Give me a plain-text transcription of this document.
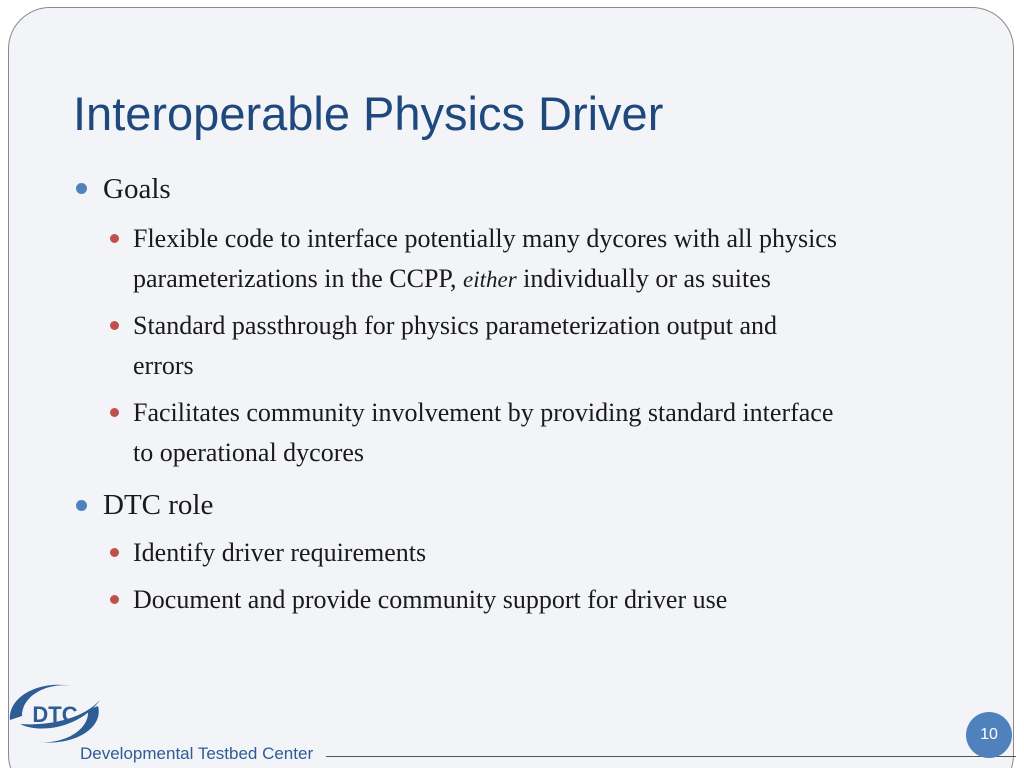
Interoperable Physics Driver
Goals
Flexible code to interface potentially many dycores with all physics
parameterizations in the CCPP, either individually or as suites
Standard passthrough for physics parameterization output and
errors
Facilitates community involvement by providing standard interface
to operational dycores
DTC role
Identify driver requirements
Document and provide community support for driver use
DTC
Developmental Testbed Center
10
